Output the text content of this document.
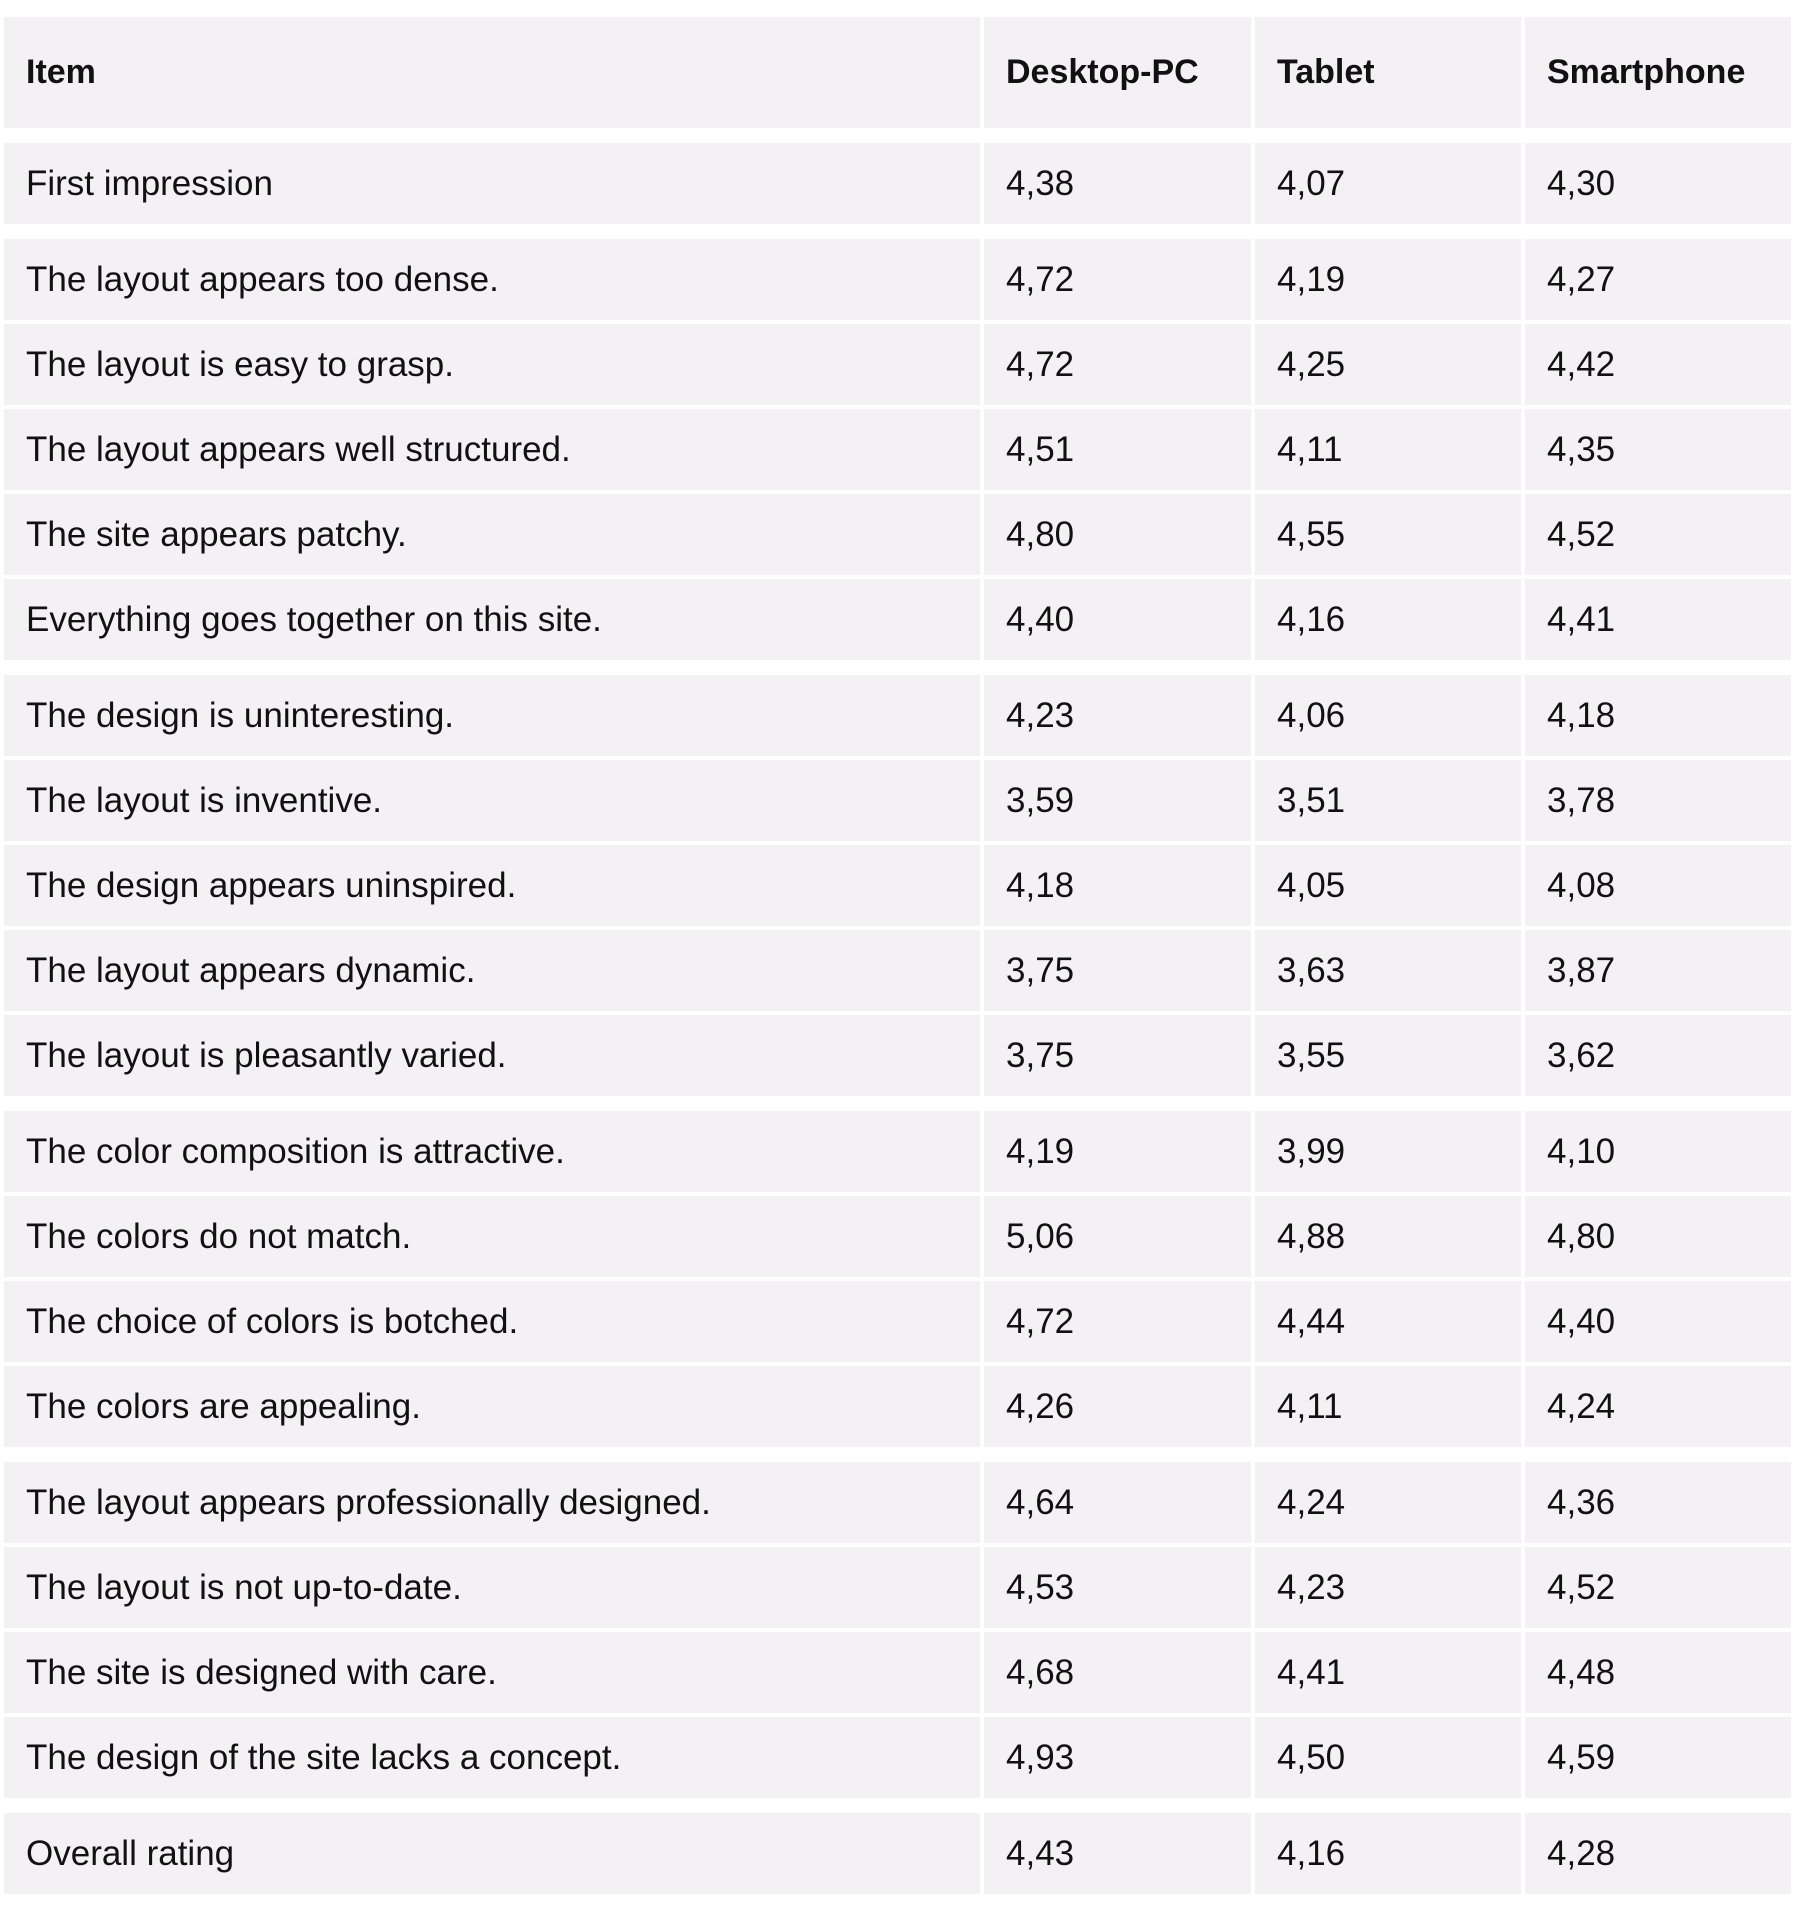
Item	Desktop-PC	Tablet	Smartphone
First impression	4,38	4,07	4,30
The layout appears too dense.	4,72	4,19	4,27
The layout is easy to grasp.	4,72	4,25	4,42
The layout appears well structured.	4,51	4,11	4,35
The site appears patchy.	4,80	4,55	4,52
Everything goes together on this site.	4,40	4,16	4,41
The design is uninteresting.	4,23	4,06	4,18
The layout is inventive.	3,59	3,51	3,78
The design appears uninspired.	4,18	4,05	4,08
The layout appears dynamic.	3,75	3,63	3,87
The layout is pleasantly varied.	3,75	3,55	3,62
The color composition is attractive.	4,19	3,99	4,10
The colors do not match.	5,06	4,88	4,80
The choice of colors is botched.	4,72	4,44	4,40
The colors are appealing.	4,26	4,11	4,24
The layout appears professionally designed.	4,64	4,24	4,36
The layout is not up-to-date.	4,53	4,23	4,52
The site is designed with care.	4,68	4,41	4,48
The design of the site lacks a concept.	4,93	4,50	4,59
Overall rating	4,43	4,16	4,28
